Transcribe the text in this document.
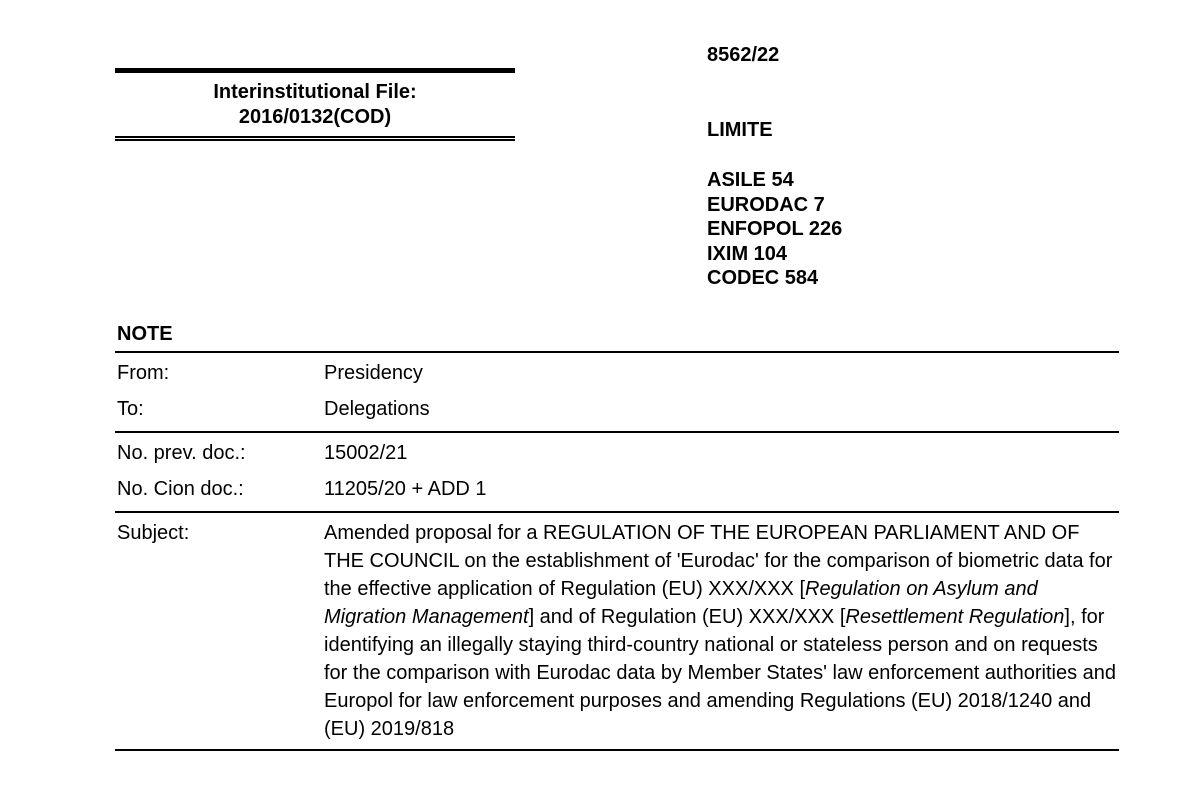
Interinstitutional File:
2016/0132(COD)
8562/22
LIMITE
ASILE 54
EURODAC 7
ENFOPOL 226
IXIM 104
CODEC 584
NOTE
From:	Presidency
To:	Delegations
No. prev. doc.:	15002/21
No. Cion doc.:	11205/20 + ADD 1
Subject:	Amended proposal for a REGULATION OF THE EUROPEAN PARLIAMENT AND OF THE COUNCIL on the establishment of 'Eurodac' for the comparison of biometric data for the effective application of Regulation (EU) XXX/XXX [Regulation on Asylum and Migration Management] and of Regulation (EU) XXX/XXX [Resettlement Regulation], for identifying an illegally staying third-country national or stateless person and on requests for the comparison with Eurodac data by Member States' law enforcement authorities and Europol for law enforcement purposes and amending Regulations (EU) 2018/1240 and (EU) 2019/818
